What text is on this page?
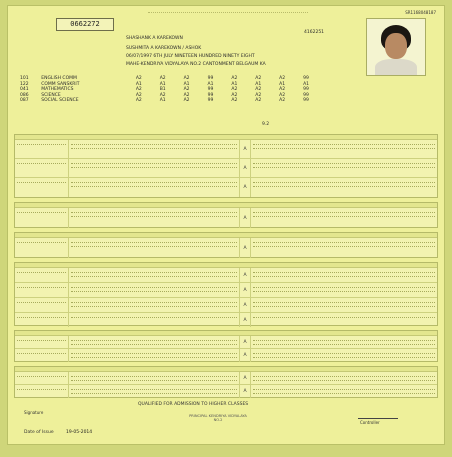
0662272
SR1168048187
4162251
SHASHANK A KAREKOWN
SUSHMITA A KAREKOWN / ASHOK
06/07/1997 6TH JULY NINETEEN HUNDRED NINETY EIGHT
MAHE-KENDRIYA VIDYALAYA NO.2 CANTONMENT BELGAUM KA
101	ENGLISH COMM	A2	A2	A2	99	A2	A2	A2	99
122	COMM SANSKRIT	A1	A1	A1	A1	A1	A1	A1	A1
041	MATHEMATICS	A2	B1	A2	99	A2	A2	A2	99
086	SCIENCE	A2	A2	A2	99	A2	A2	A2	99
087	SOCIAL SCIENCE	A2	A1	A2	99	A2	A2	A2	99
9.2
A
A
A
A
A
A
A
A
A
A
A
A
A
QUALIFIED FOR ADMISSION TO HIGHER CLASSES
Signature
PRINCIPAL KENDRIYA VIDYALAYA NO.2	Controller
Date of Issue	19-05-2014
